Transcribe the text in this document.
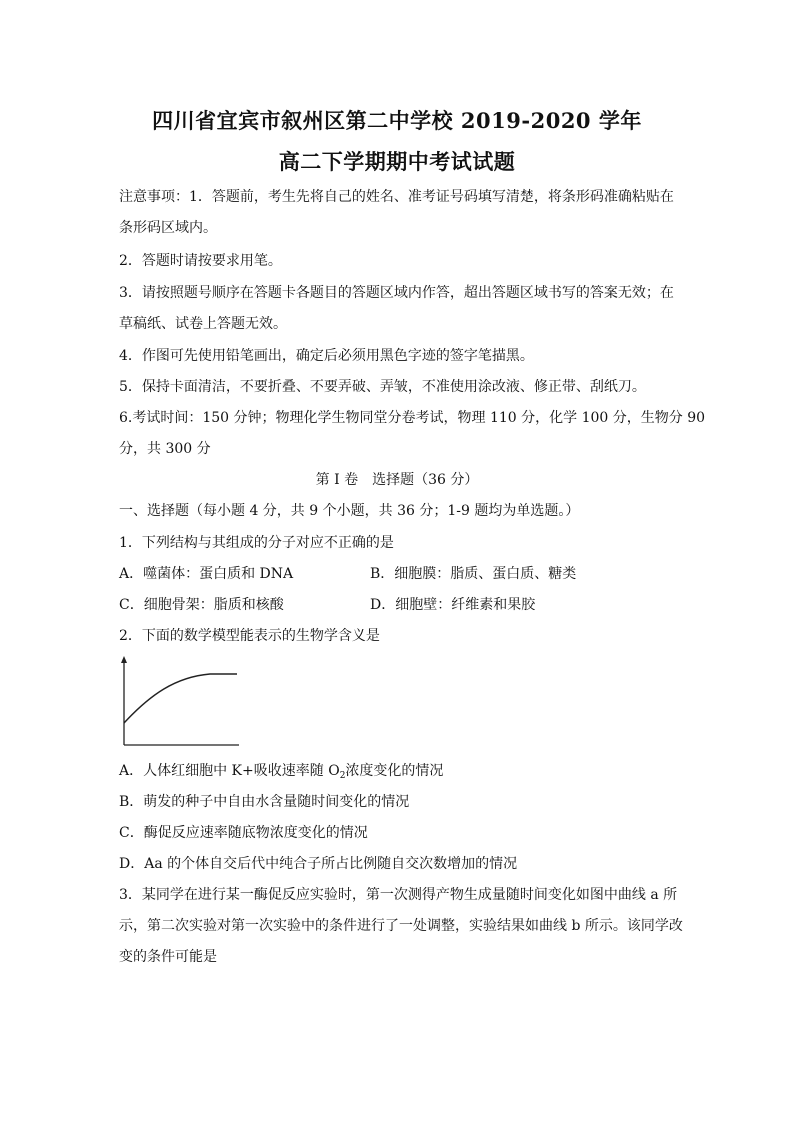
四川省宜宾市叙州区第二中学校 2019-2020 学年
高二下学期期中考试试题
注意事项：1．答题前，考生先将自己的姓名、准考证号码填写清楚，将条形码准确粘贴在
条形码区域内。
2．答题时请按要求用笔。
3．请按照题号顺序在答题卡各题目的答题区域内作答，超出答题区域书写的答案无效；在
草稿纸、试卷上答题无效。
4．作图可先使用铅笔画出，确定后必须用黑色字迹的签字笔描黑。
5．保持卡面清洁，不要折叠、不要弄破、弄皱，不准使用涂改液、修正带、刮纸刀。
6.考试时间：150 分钟；物理化学生物同堂分卷考试，物理 110 分，化学 100 分，生物分 90
分，共 300 分
第 I 卷　选择题（36 分）
一、选择题（每小题 4 分，共 9 个小题，共 36 分；1-9 题均为单选题。）
1．下列结构与其组成的分子对应不正确的是
A．噬菌体：蛋白质和 DNA	B．细胞膜：脂质、蛋白质、糖类
C．细胞骨架：脂质和核酸	D．细胞壁：纤维素和果胶
2．下面的数学模型能表示的生物学含义是
A．人体红细胞中 K+吸收速率随 $O_2$浓度变化的情况
B．萌发的种子中自由水含量随时间变化的情况
C．酶促反应速率随底物浓度变化的情况
D．Aa 的个体自交后代中纯合子所占比例随自交次数增加的情况
3．某同学在进行某一酶促反应实验时，第一次测得产物生成量随时间变化如图中曲线 a 所
示，第二次实验对第一次实验中的条件进行了一处调整，实验结果如曲线 b 所示。该同学改
变的条件可能是
